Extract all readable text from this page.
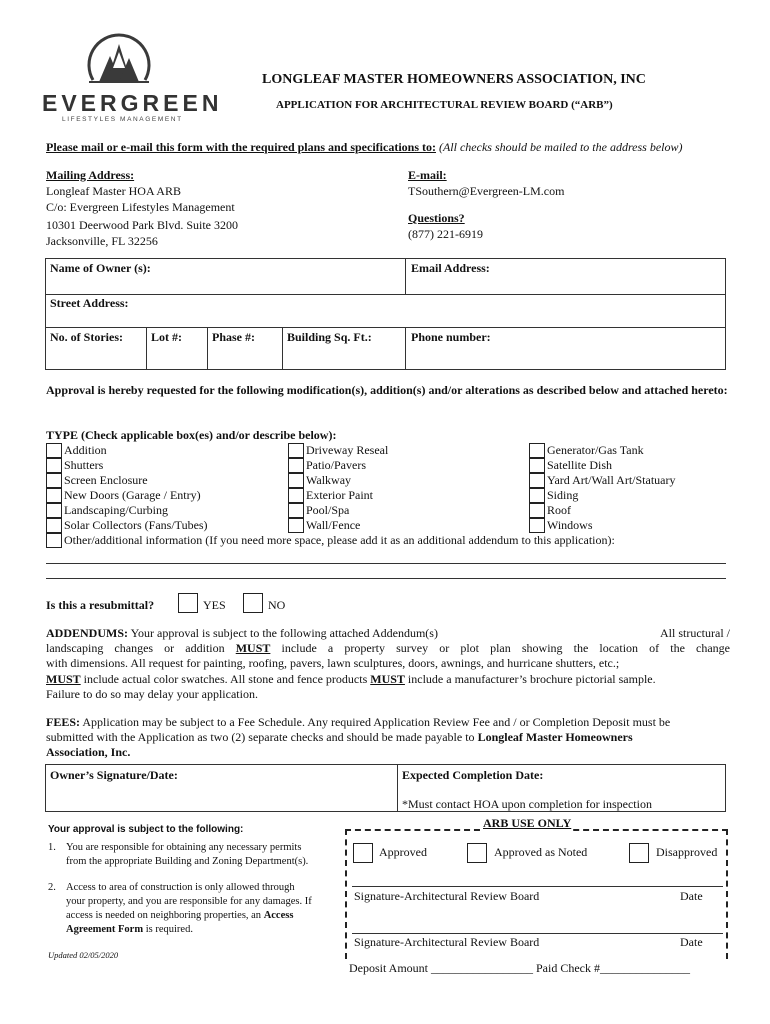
EVERGREEN
LIFESTYLES MANAGEMENT
LONGLEAF MASTER HOMEOWNERS ASSOCIATION, INC
APPLICATION FOR ARCHITECTURAL REVIEW BOARD (“ARB”)
Please mail or e-mail this form with the required plans and specifications to: (All checks should be mailed to the address below)
Mailing Address:
Longleaf Master HOA ARB
C/o: Evergreen Lifestyles Management
10301 Deerwood Park Blvd. Suite 3200
Jacksonville, FL 32256
E-mail:
TSouthern@Evergreen-LM.com
Questions?
(877) 221-6919
Name of Owner (s):	Email Address:
Street Address:
No. of Stories: Lot #:	Phase #:	Building Sq. Ft.:	Phone number:
Approval is hereby requested for the following modification(s), addition(s) and/or alterations as described below and attached hereto:
TYPE (Check applicable box(es) and/or describe below):
Addition
Shutters
Screen Enclosure
New Doors (Garage / Entry)
Landscaping/Curbing
Solar Collectors (Fans/Tubes)
Driveway Reseal
Patio/Pavers
Walkway
Exterior Paint
Pool/Spa
Wall/Fence
Generator/Gas Tank
Satellite Dish
Yard Art/Wall Art/Statuary
Siding
Roof
Windows
Other/additional information (If you need more space, please add it as an additional addendum to this application):
Is this a resubmittal?	YES	NO
ADDENDUMS: Your approval is subject to the following attached Addendum(s)	All structural /
landscaping changes or addition MUST include a property survey or plot plan showing the location of the change
with dimensions. All request for painting, roofing, pavers, lawn sculptures, doors, awnings, and hurricane shutters, etc.;
MUST include actual color swatches. All stone and fence products MUST include a manufacturer’s brochure pictorial sample.
Failure to do so may delay your application.
FEES: Application may be subject to a Fee Schedule. Any required Application Review Fee and / or Completion Deposit must be
submitted with the Application as two (2) separate checks and should be made payable to Longleaf Master Homeowners
Association, Inc.
Owner’s Signature/Date:	Expected Completion Date:
*Must contact HOA upon completion for inspection
Your approval is subject to the following:
1. You are responsible for obtaining any necessary permits
from the appropriate Building and Zoning Department(s).
2. Access to area of construction is only allowed through
your property, and you are responsible for any damages. If
access is needed on neighboring properties, an Access
Agreement Form is required.
Updated 02/05/2020
ARB USE ONLY
Approved	Approved as Noted	Disapproved
Signature-Architectural Review Board	Date
Signature-Architectural Review Board	Date
Deposit Amount _________________ Paid Check #_______________
